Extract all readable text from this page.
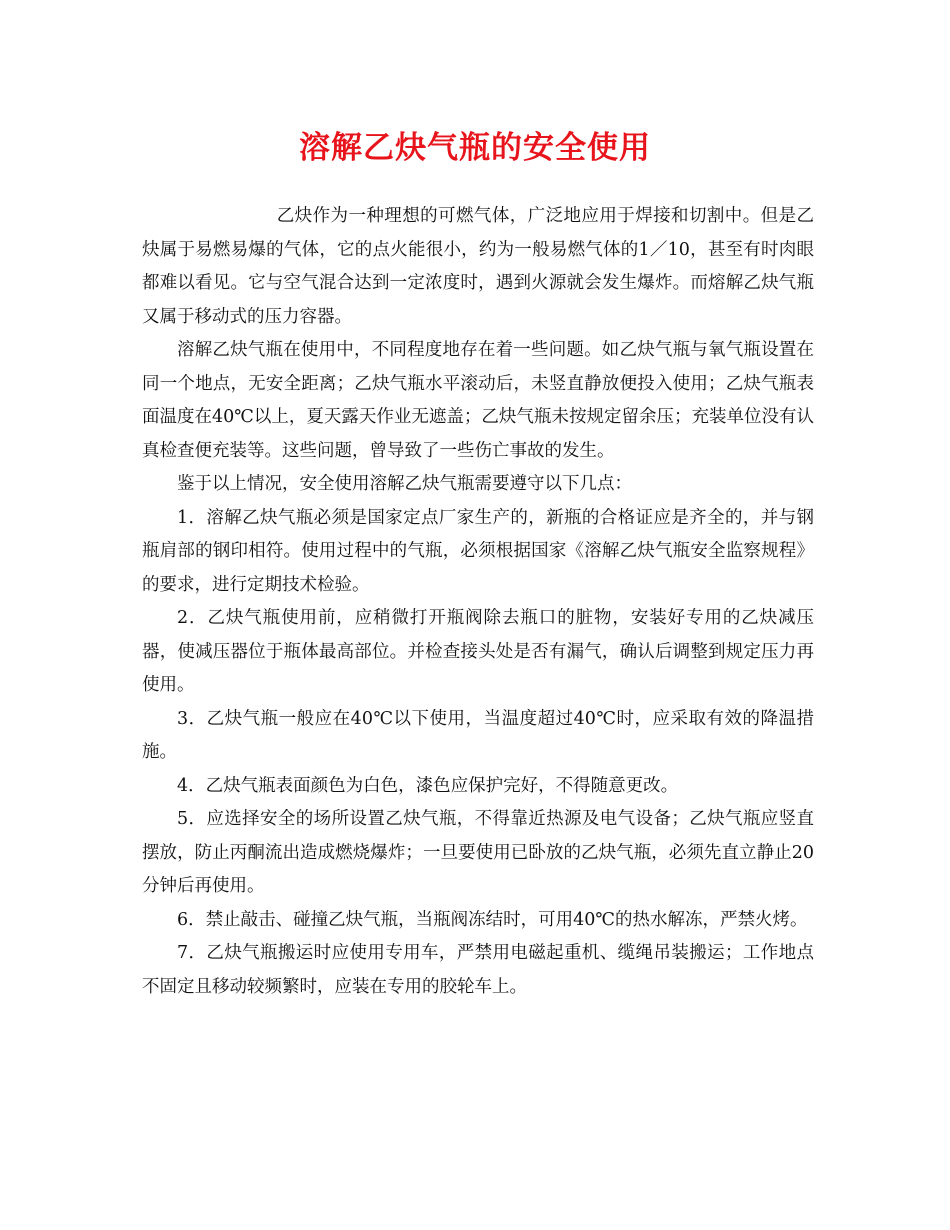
溶解乙炔气瓶的安全使用

乙炔作为一种理想的可燃气体，广泛地应用于焊接和切割中。但是乙炔属于易燃易爆的气体，它的点火能很小，约为一般易燃气体的1／10，甚至有时肉眼都难以看见。它与空气混合达到一定浓度时，遇到火源就会发生爆炸。而熔解乙炔气瓶又属于移动式的压力容器。

溶解乙炔气瓶在使用中，不同程度地存在着一些问题。如乙炔气瓶与氧气瓶设置在同一个地点，无安全距离；乙炔气瓶水平滚动后，未竖直静放便投入使用；乙炔气瓶表面温度在40℃以上，夏天露天作业无遮盖；乙炔气瓶未按规定留余压；充装单位没有认真检查便充装等。这些问题，曾导致了一些伤亡事故的发生。

鉴于以上情况，安全使用溶解乙炔气瓶需要遵守以下几点：

1．溶解乙炔气瓶必须是国家定点厂家生产的，新瓶的合格证应是齐全的，并与钢瓶肩部的钢印相符。使用过程中的气瓶，必须根据国家《溶解乙炔气瓶安全监察规程》的要求，进行定期技术检验。

2．乙炔气瓶使用前，应稍微打开瓶阀除去瓶口的脏物，安装好专用的乙炔减压器，使减压器位于瓶体最高部位。并检查接头处是否有漏气，确认后调整到规定压力再使用。

3．乙炔气瓶一般应在40℃以下使用，当温度超过40℃时，应采取有效的降温措施。

4．乙炔气瓶表面颜色为白色，漆色应保护完好，不得随意更改。

5．应选择安全的场所设置乙炔气瓶，不得靠近热源及电气设备；乙炔气瓶应竖直摆放，防止丙酮流出造成燃烧爆炸；一旦要使用已卧放的乙炔气瓶，必须先直立静止20分钟后再使用。

6．禁止敲击、碰撞乙炔气瓶，当瓶阀冻结时，可用40℃的热水解冻，严禁火烤。

7．乙炔气瓶搬运时应使用专用车，严禁用电磁起重机、缆绳吊装搬运；工作地点不固定且移动较频繁时，应装在专用的胶轮车上。
